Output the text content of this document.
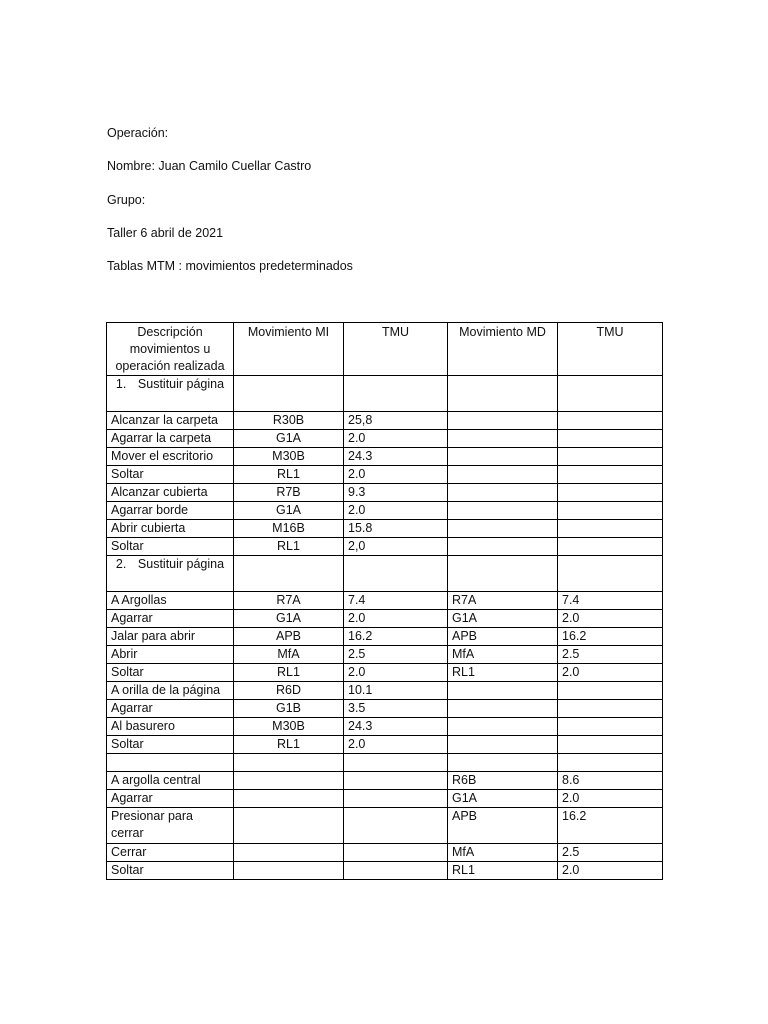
Operación:

Nombre: Juan Camilo Cuellar Castro

Grupo:

Taller 6 abril de 2021

Tablas MTM : movimientos predeterminados

Descripción movimientos u operación realizada	Movimiento MI	TMU	Movimiento MD	TMU
1. Sustituir página				
Alcanzar la carpeta	R30B	25,8		
Agarrar la carpeta	G1A	2.0		
Mover el escritorio	M30B	24.3		
Soltar	RL1	2.0		
Alcanzar cubierta	R7B	9.3		
Agarrar borde	G1A	2.0		
Abrir cubierta	M16B	15.8		
Soltar	RL1	2,0		
2. Sustituir página				
A Argollas	R7A	7.4	R7A	7.4
Agarrar	G1A	2.0	G1A	2.0
Jalar para abrir	APB	16.2	APB	16.2
Abrir	MfA	2.5	MfA	2.5
Soltar	RL1	2.0	RL1	2.0
A orilla de la página	R6D	10.1		
Agarrar	G1B	3.5		
Al basurero	M30B	24.3		
Soltar	RL1	2.0		

A argolla central			R6B	8.6
Agarrar			G1A	2.0
Presionar para cerrar			APB	16.2
Cerrar			MfA	2.5
Soltar			RL1	2.0
